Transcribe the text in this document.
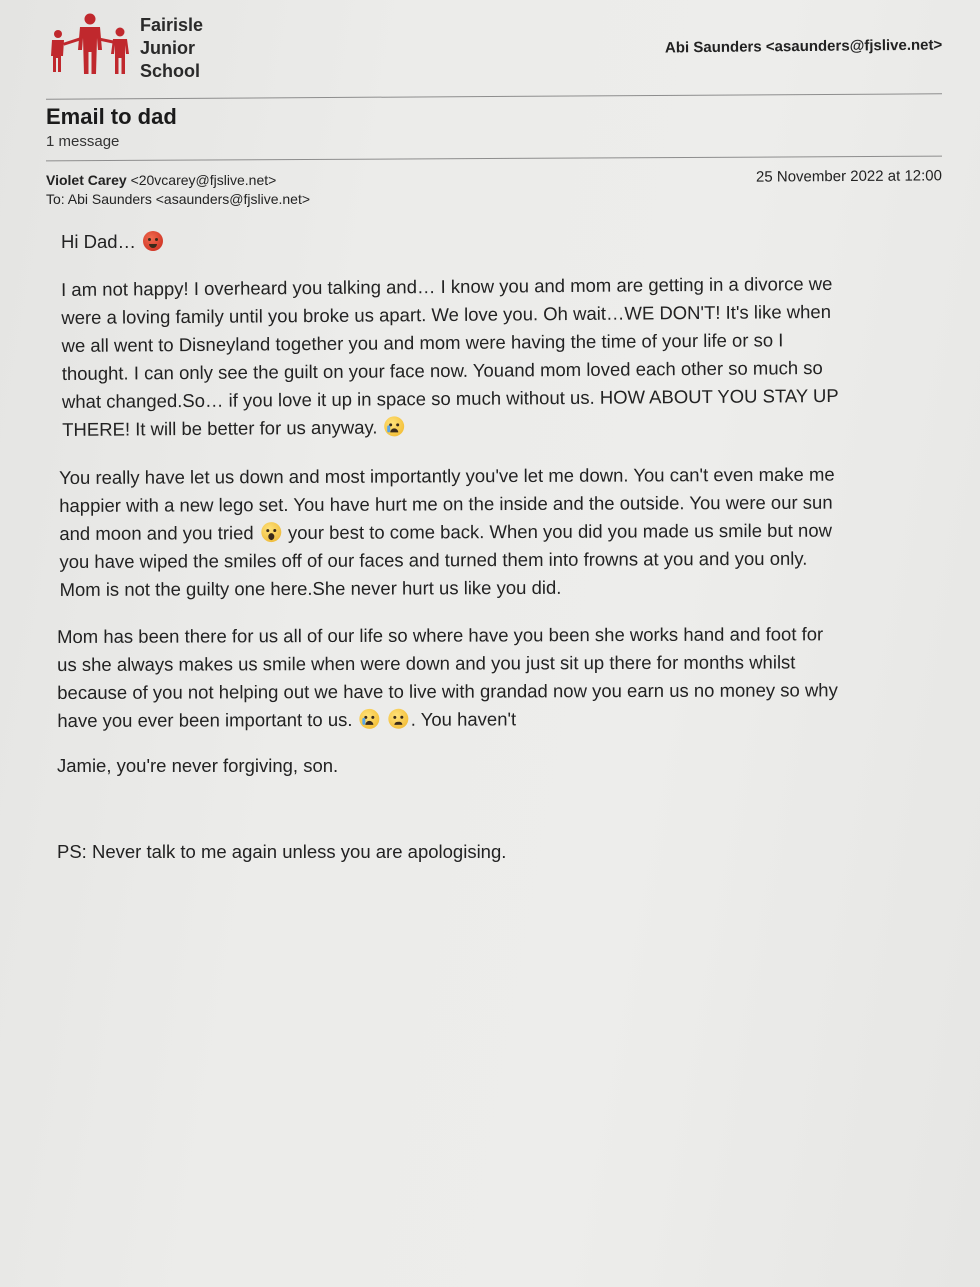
Fairisle
Junior
School
Abi Saunders <asaunders@fjslive.net>
Email to dad
1 message
Violet Carey <20vcarey@fjslive.net>
To: Abi Saunders <asaunders@fjslive.net>
25 November 2022 at 12:00
Hi Dad…
I am not happy! I overheard you talking and… I know you and mom are getting in a divorce we
were a loving family until you broke us apart. We love you. Oh wait…WE DON'T! It's like when
we all went to Disneyland together you and mom were having the time of your life or so I
thought. I can only see the guilt on your face now. Youand mom loved each other so much so
what changed.So… if you love it up in space so much without us. HOW ABOUT YOU STAY UP
THERE! It will be better for us anyway.
You really have let us down and most importantly you've let me down. You can't even make me
happier with a new lego set. You have hurt me on the inside and the outside. You were our sun
and moon and you tried your best to come back. When you did you made us smile but now
you have wiped the smiles off of our faces and turned them into frowns at you and you only.
Mom is not the guilty one here.She never hurt us like you did.
Mom has been there for us all of our life so where have you been she works hand and foot for
us she always makes us smile when were down and you just sit up there for months whilst
because of you not helping out we have to live with grandad now you earn us no money so why
have you ever been important to us.
	. You haven't
Jamie, you're never forgiving, son.
PS: Never talk to me again unless you are apologising.
